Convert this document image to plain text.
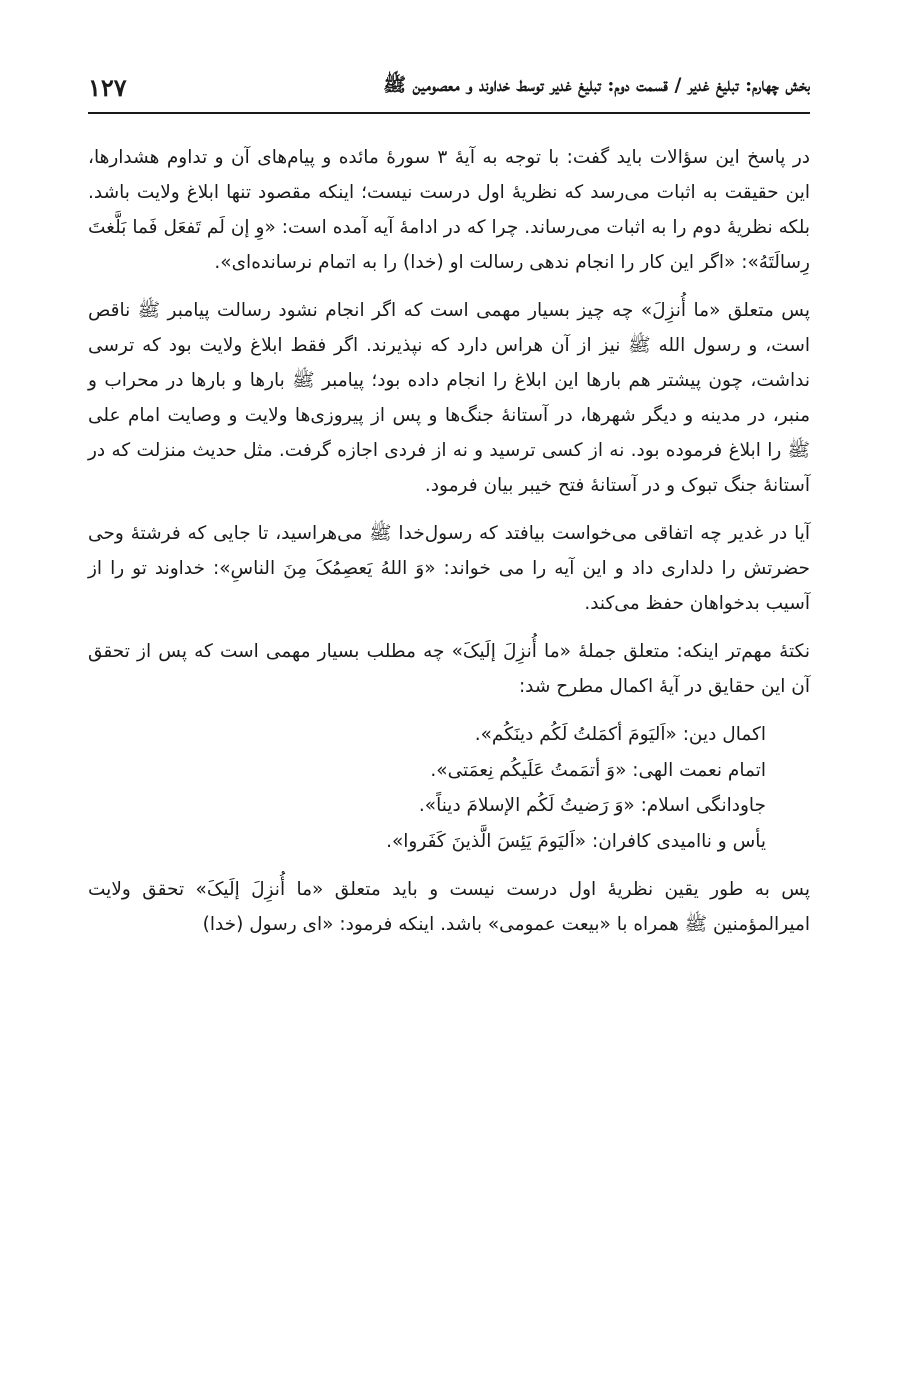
بخش چهارم: تبلیغ غدیر / قسمت دوم: تبلیغ غدیر توسط خداوند و معصومین ﷺ
۱۲۷

در پاسخ این سؤالات باید گفت: با توجه به آیهٔ ۳ سورهٔ مائده و پیام‌های آن و تداوم هشدارها، این حقیقت به اثبات می‌رسد که نظریهٔ اول درست نیست؛ اینکه مقصود تنها ابلاغ ولایت باشد. بلکه نظریهٔ دوم را به اثبات می‌رساند. چرا که در ادامهٔ آیه آمده است: «وِ إن لَم تَفعَل فَما بَلَّغتَ رِسالَتَهُ»: «اگر این کار را انجام ندهی رسالت او (خدا) را به اتمام نرسانده‌ای».

پس متعلق «ما أُنزِلَ» چه چیز بسیار مهمی است که اگر انجام نشود رسالت پیامبر ﷺ ناقص است، و رسول الله ﷺ نیز از آن هراس دارد که نپذیرند. اگر فقط ابلاغ ولایت بود که ترسی نداشت، چون پیشتر هم بارها این ابلاغ را انجام داده بود؛ پیامبر ﷺ بارها و بارها در محراب و منبر، در مدینه و دیگر شهرها، در آستانهٔ جنگ‌ها و پس از پیروزی‌ها ولایت و وصایت امام علی ﷺ را ابلاغ فرموده بود. نه از کسی ترسید و نه از فردی اجازه گرفت. مثل حدیث منزلت که در آستانهٔ جنگ تبوک و در آستانهٔ فتح خیبر بیان فرمود.

آیا در غدیر چه اتفاقی می‌خواست بیافتد که رسول‌خدا ﷺ می‌هراسید، تا جایی که فرشتهٔ وحی حضرتش را دلداری داد و این آیه را می خواند: «وَ اللهُ یَعصِمُکَ مِنَ الناسِ»: خداوند تو را از آسیب بدخواهان حفظ می‌کند.

نکتهٔ مهم‌تر اینکه: متعلق جملهٔ «ما أُنزِلَ إلَیکَ» چه مطلب بسیار مهمی است که پس از تحقق آن این حقایق در آیهٔ اکمال مطرح شد:

اکمال دین: «اَلیَومَ أکمَلتُ لَکُم دینَکُم».
اتمام نعمت الهی: «وَ أتمَمتُ عَلَیکُم نِعمَتی».
جاودانگی اسلام: «وَ رَضیتُ لَکُم الإسلامَ دیناً».
یأس و ناامیدی کافران: «اَلیَومَ یَئِسَ الَّذینَ کَفَروا».

پس به طور یقین نظریهٔ اول درست نیست و باید متعلق «ما أُنزِلَ إلَیکَ» تحقق ولایت امیرالمؤمنین ﷺ همراه با «بیعت عمومی» باشد. اینکه فرمود: «ای رسول (خدا)
